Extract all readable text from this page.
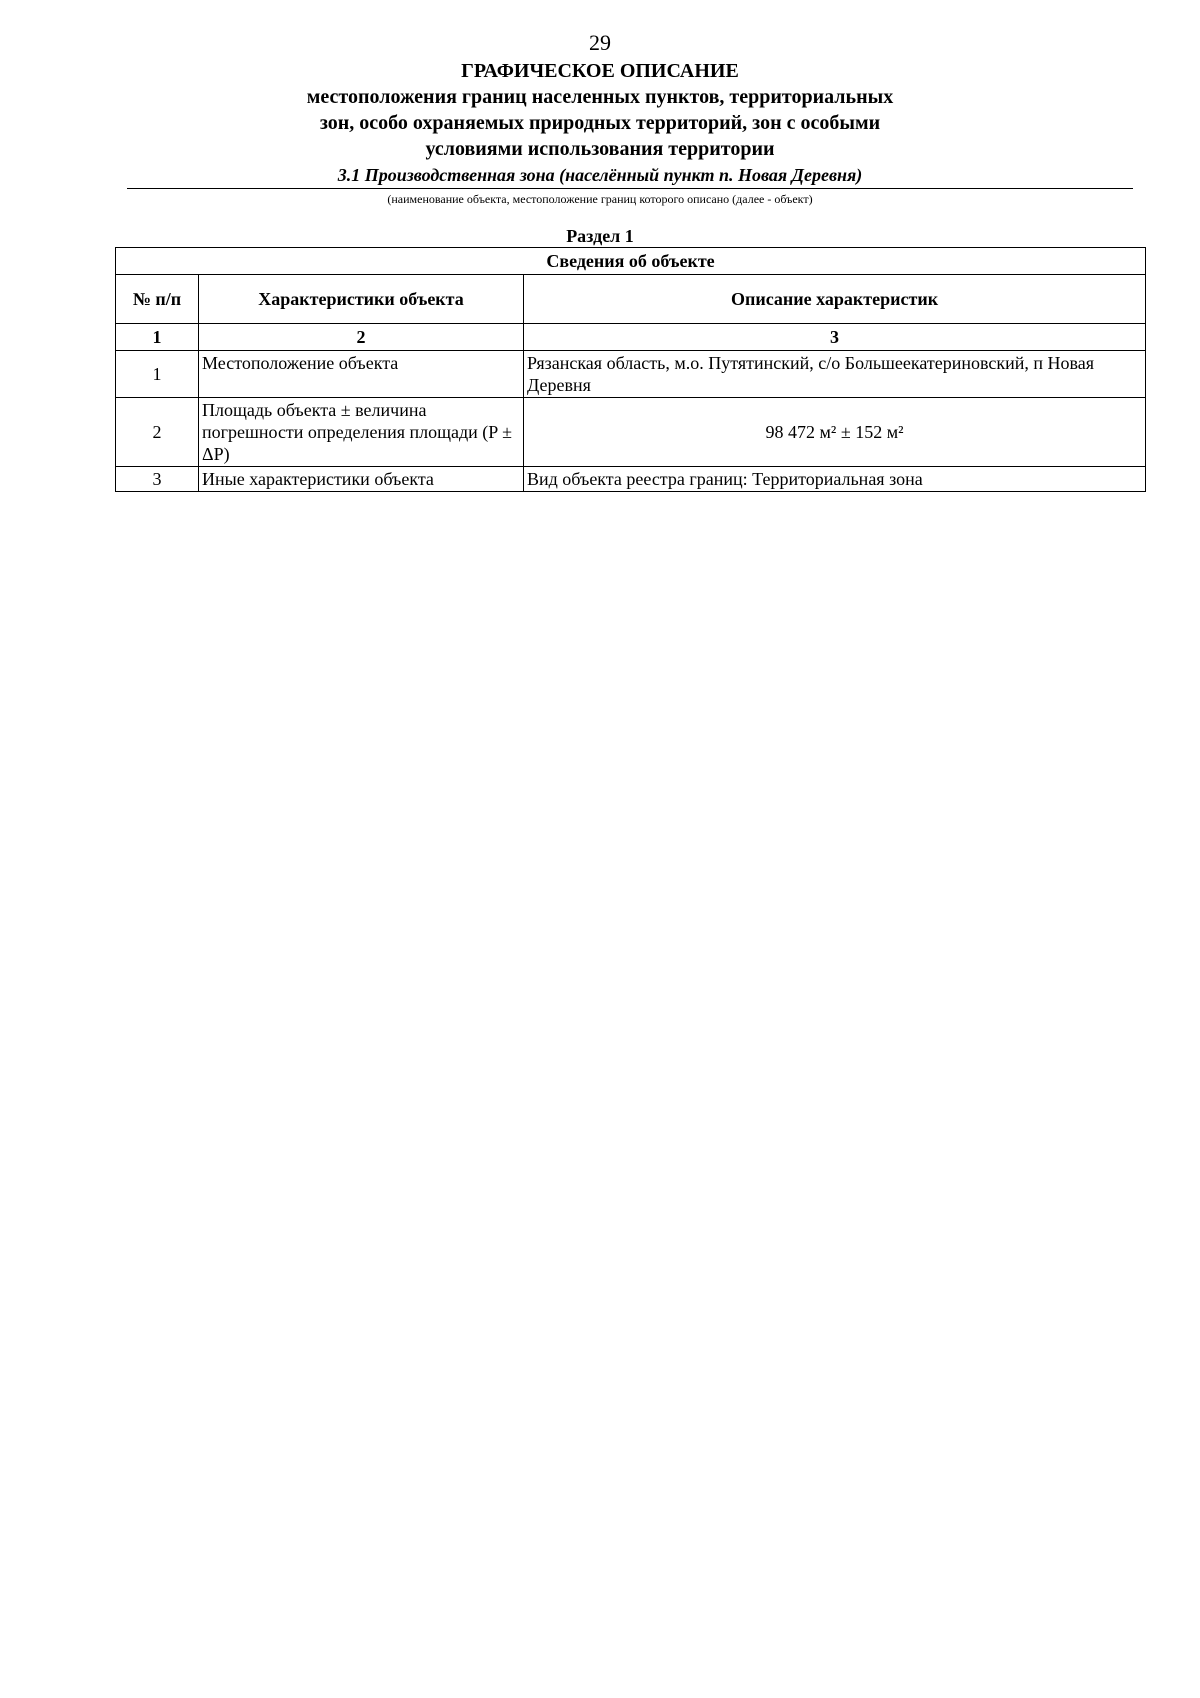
29
ГРАФИЧЕСКОЕ ОПИСАНИЕ
местоположения границ населенных пунктов, территориальных
зон, особо охраняемых природных территорий, зон с особыми
условиями использования территории
3.1 Производственная зона (населённый пункт п. Новая Деревня)
(наименование объекта, местоположение границ которого описано (далее - объект)
Раздел 1
Сведения об объекте		
№ п/п	Характеристики объекта	Описание характеристик
1	2	3
1	Местоположение объекта	Рязанская область, м.о. Путятинский, с/о Большеекатериновский, п Новая Деревня
2	Площадь объекта ± величина погрешности определения площади (P ± ΔP)	98 472 м² ± 152 м²
3	Иные характеристики объекта	Вид объекта реестра границ: Территориальная зона
